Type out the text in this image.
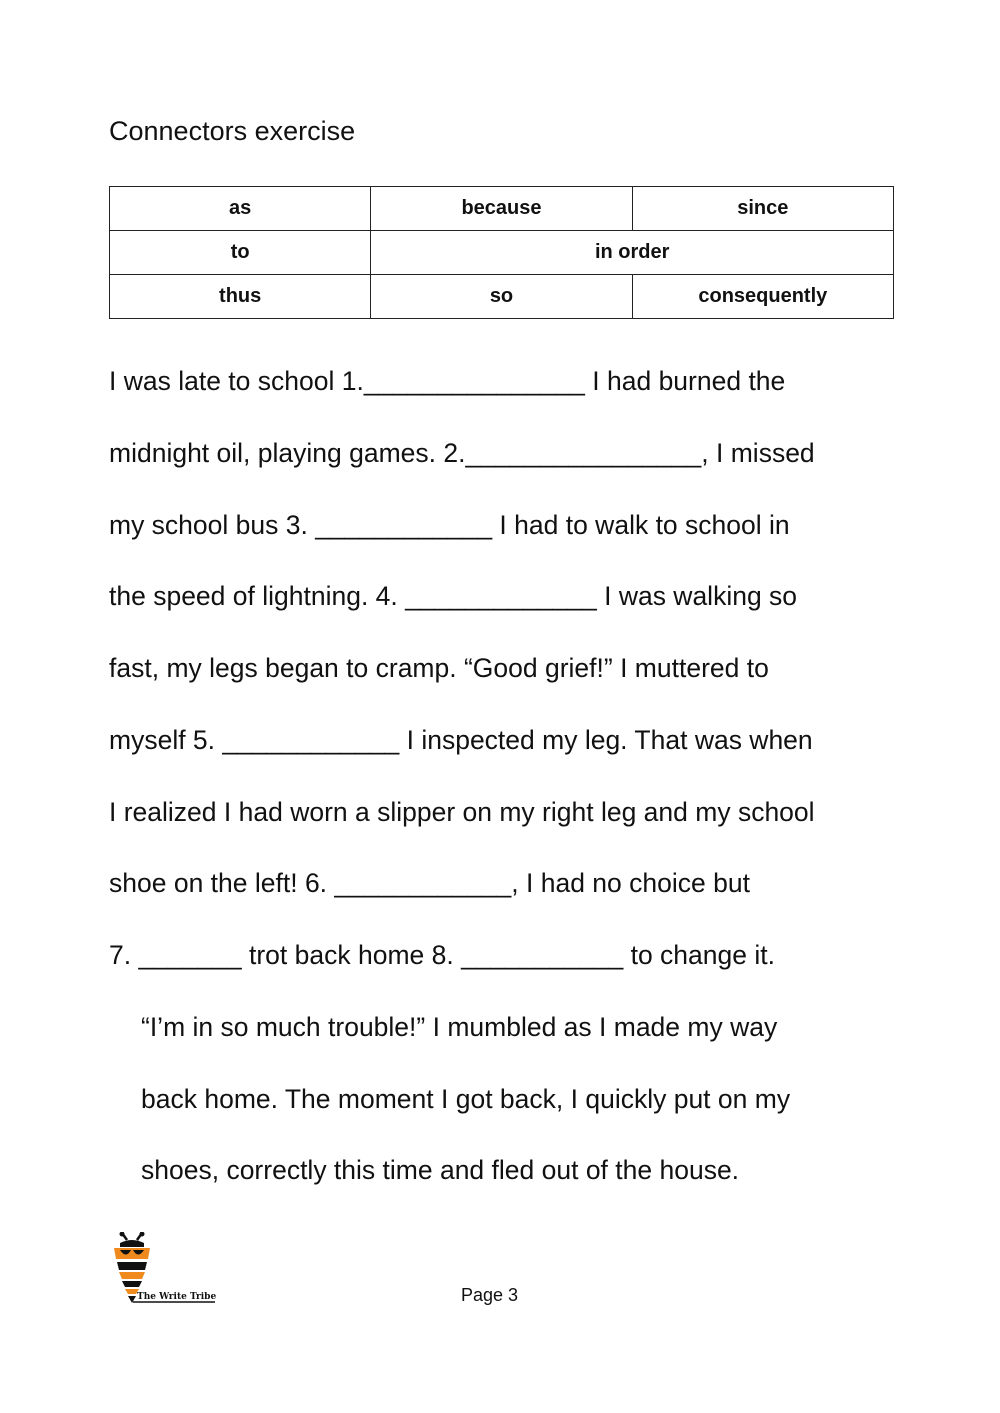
Connectors exercise
as	because	since
to	in order	
thus	so	consequently
I was late to school 1._______________ I had burned the
midnight oil, playing games. 2.________________, I missed
my school bus 3. ____________ I had to walk to school in
the speed of lightning. 4. _____________ I was walking so
fast, my legs began to cramp. “Good grief!” I muttered to
myself 5. ____________ I inspected my leg. That was when
I realized I had worn a slipper on my right leg and my school
shoe on the left! 6. ____________, I had no choice but
7. _______ trot back home 8. ___________ to change it.
“I’m in so much trouble!” I mumbled as I made my way
back home. The moment I got back, I quickly put on my
shoes, correctly this time and fled out of the house.
The Write Tribe	Page 3
